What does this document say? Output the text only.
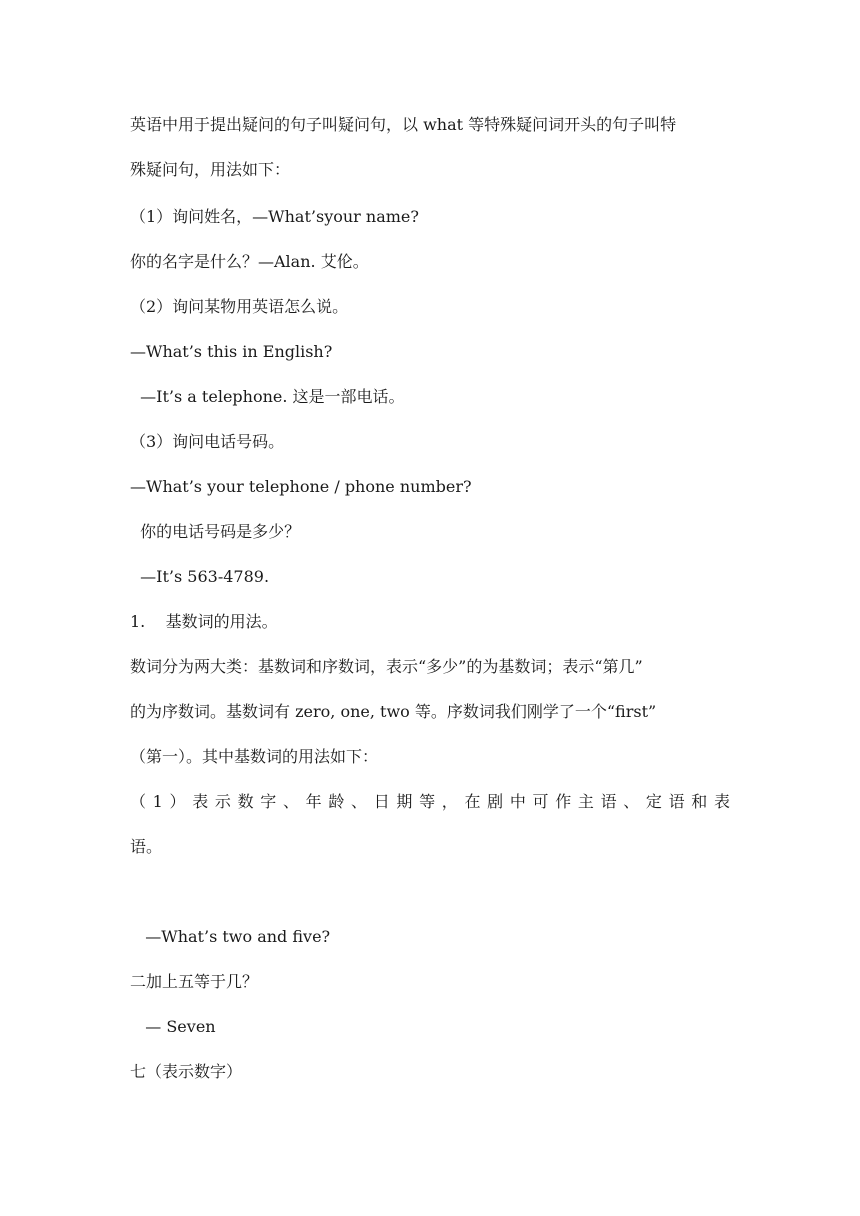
英语中用于提出疑问的句子叫疑问句，以 what 等特殊疑问词开头的句子叫特
殊疑问句，用法如下：
（1）询问姓名，—What’syour name?
你的名字是什么？—Alan. 艾伦。
（2）询问某物用英语怎么说。
—What’s this in English?
—It’s a telephone. 这是一部电话。
（3）询问电话号码。
—What’s your telephone / phone number?
你的电话号码是多少？
—It’s 563-4789.
1.    基数词的用法。
数词分为两大类：基数词和序数词，表示“多少”的为基数词；表示“第几”
的为序数词。基数词有 zero, one, two 等。序数词我们刚学了一个“first”
（第一）。其中基数词的用法如下：
（1）表示数字、年龄、日期等，在剧中可作主语、定语和表
语。
—What’s two and five?
二加上五等于几？
— Seven
七（表示数字）
